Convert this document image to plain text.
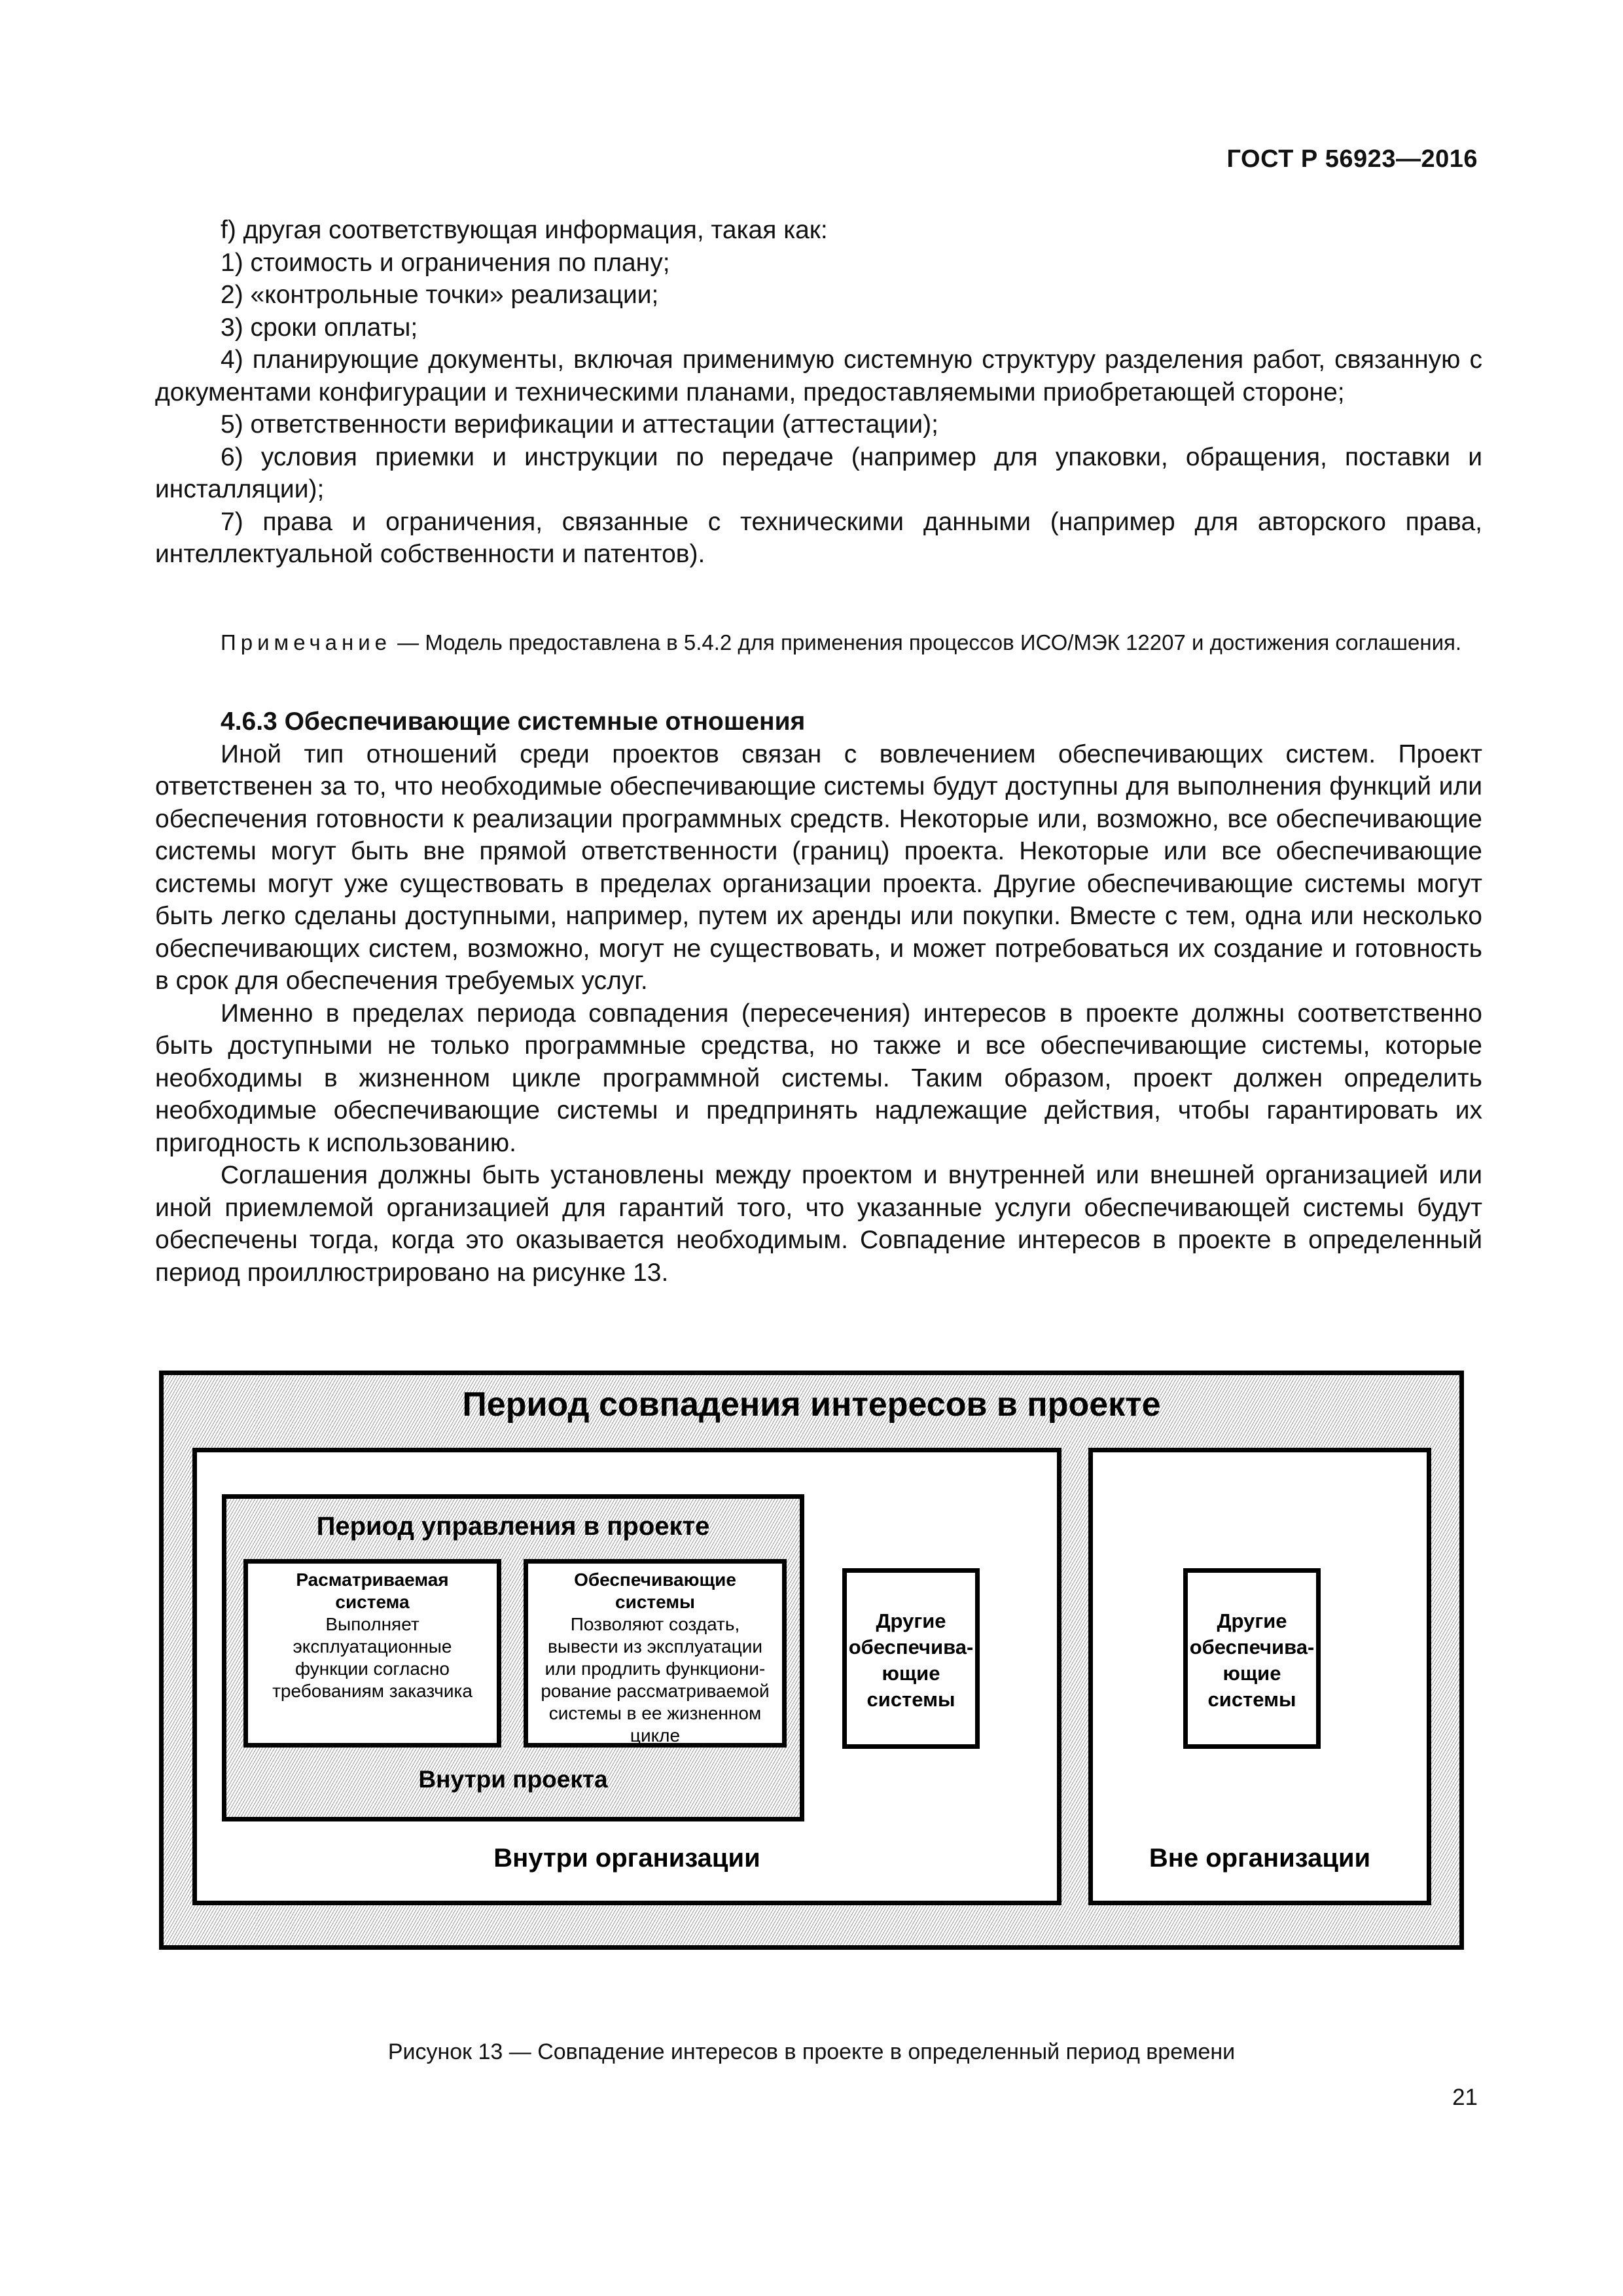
ГОСТ Р 56923—2016

f) другая соответствующая информация, такая как:

1) стоимость и ограничения по плану;

2) «контрольные точки» реализации;

3) сроки оплаты;

4) планирующие документы, включая применимую системную структуру разделения работ, связанную с документами конфигурации и техническими планами, предоставляемыми приобретающей стороне;

5) ответственности верификации и аттестации (аттестации);

6) условия приемки и инструкции по передаче (например для упаковки, обращения, поставки и инсталляции);

7) права и ограничения, связанные с техническими данными (например для авторского права, интеллектуальной собственности и патентов).

Примечание — Модель предоставлена в 5.4.2 для применения процессов ИСО/МЭК 12207 и достижения соглашения.

4.6.3 Обеспечивающие системные отношения

Иной тип отношений среди проектов связан с вовлечением обеспечивающих систем. Проект ответственен за то, что необходимые обеспечивающие системы будут доступны для выполнения функций или обеспечения готовности к реализации программных средств. Некоторые или, возможно, все обеспечивающие системы могут быть вне прямой ответственности (границ) проекта. Некоторые или все обеспечивающие системы могут уже существовать в пределах организации проекта. Другие обеспечивающие системы могут быть легко сделаны доступными, например, путем их аренды или покупки. Вместе с тем, одна или несколько обеспечивающих систем, возможно, могут не существовать, и может потребоваться их создание и готовность в срок для обеспечения требуемых услуг.

Именно в пределах периода совпадения (пересечения) интересов в проекте должны соответственно быть доступными не только программные средства, но также и все обеспечивающие системы, которые необходимы в жизненном цикле программной системы. Таким образом, проект должен определить необходимые обеспечивающие системы и предпринять надлежащие действия, чтобы гарантировать их пригодность к использованию.

Соглашения должны быть установлены между проектом и внутренней или внешней организацией или иной приемлемой организацией для гарантий того, что указанные услуги обеспечивающей системы будут обеспечены тогда, когда это оказывается необходимым. Совпадение интересов в проекте в определенный период проиллюстрировано на рисунке 13.

Период совпадения интересов в проекте
Внутри организации	Вне организации
Период управления в проекте
Внутри проекта
Расматриваемая
система
Выполняет
эксплуатационные
функции согласно
требованиям заказчика
Обеспечивающие
системы
Позволяют создать,
вывести из эксплуатации
или продлить функциони-
рование рассматриваемой
системы в ее жизненном
цикле
Другие
обеспечива-
ющие
системы
Другие
обеспечива-
ющие
системы
Рисунок 13 — Совпадение интересов в проекте в определенный период времени
21
